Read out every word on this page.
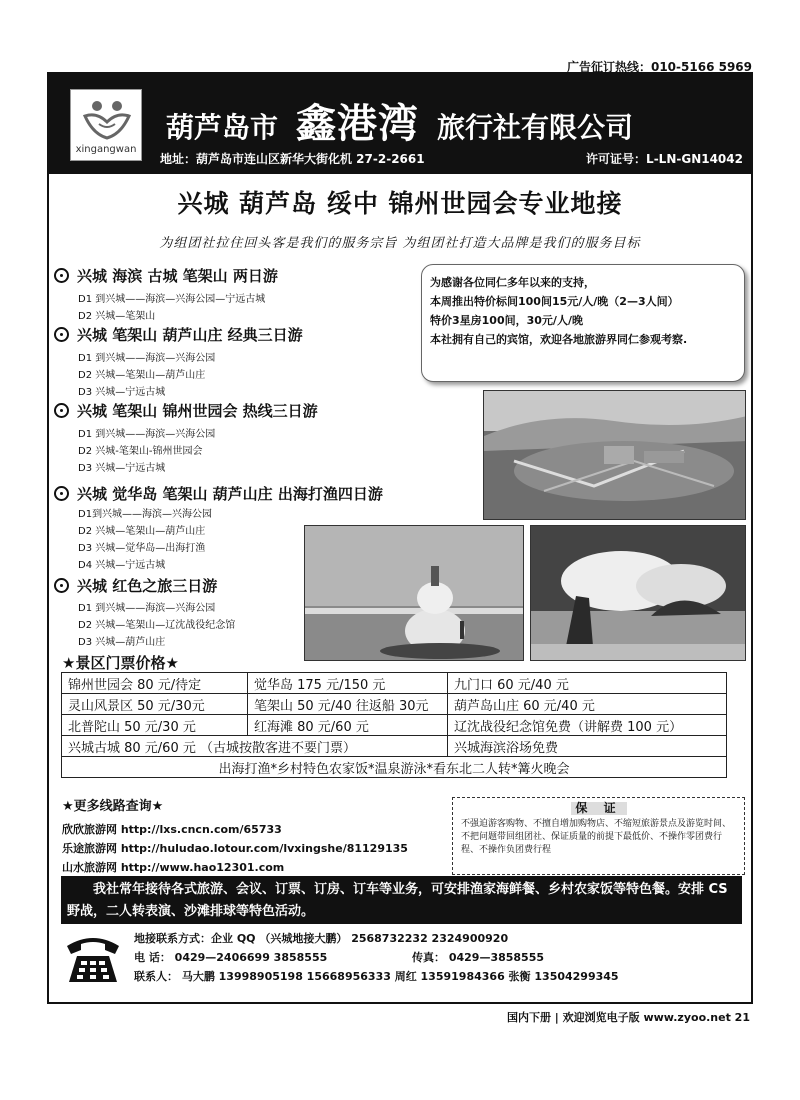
广告征订热线：010-5166 5969
xingangwan
葫芦岛市 鑫港湾 旅行社有限公司
地址：葫芦岛市连山区新华大街化机 27-2-2661	许可证号：L-LN-GN14042
兴城 葫芦岛 绥中 锦州世园会专业地接
为组团社拉住回头客是我们的服务宗旨 为组团社打造大品牌是我们的服务目标
兴城 海滨 古城 笔架山 两日游
D1 到兴城——海滨—兴海公园—宁远古城
D2 兴城—笔架山
兴城 笔架山 葫芦山庄 经典三日游
D1 到兴城——海滨—兴海公园
D2 兴城—笔架山—葫芦山庄
D3 兴城—宁远古城
兴城 笔架山 锦州世园会 热线三日游
D1 到兴城——海滨—兴海公园
D2 兴城-笔架山-锦州世园会
D3 兴城—宁远古城
兴城 觉华岛 笔架山 葫芦山庄 出海打渔四日游
D1到兴城——海滨—兴海公园
D2 兴城—笔架山—葫芦山庄
D3 兴城—觉华岛—出海打渔
D4 兴城—宁远古城
兴城 红色之旅三日游
D1 到兴城——海滨—兴海公园
D2 兴城—笔架山—辽沈战役纪念馆
D3 兴城—葫芦山庄
为感谢各位同仁多年以来的支持，
本周推出特价标间100间15元/人/晚（2—3人间）
特价3星房100间，30元/人/晚
本社拥有自己的宾馆，欢迎各地旅游界同仁参观考察.
★景区门票价格★
锦州世园会 80 元/待定	觉华岛 175 元/150 元	九门口 60 元/40 元
灵山风景区 50 元/30元	笔架山 50 元/40 往返船 30元	葫芦岛山庄 60 元/40 元
北普陀山 50 元/30 元	红海滩 80 元/60 元	辽沈战役纪念馆免费（讲解费 100 元）
兴城古城 80 元/60 元 （古城按散客进不要门票）		兴城海滨浴场免费
出海打渔*乡村特色农家饭*温泉游泳*看东北二人转*篝火晚会		
★更多线路查询★
欣欣旅游网 http://lxs.cncn.com/65733
乐途旅游网 http://huludao.lotour.com/lvxingshe/81129135
山水旅游网 http://www.hao12301.com
保 证
不强迫游客购物、不擅自增加购物店、不缩短旅游景点及游览时间、不把问题带回组团社、保证质量的前提下最低价、不操作零团费行程、不操作负团费行程
我社常年接待各式旅游、会议、订票、订房、订车等业务，可安排渔家海鲜餐、乡村农家饭等特色餐。安排 CS 野战，二人转表演、沙滩排球等特色活动。
地接联系方式：企业 QQ （兴城地接大鹏） 2568732232 2324900920
电 话： 0429—2406699 3858555	传真： 0429—3858555
联系人： 马大鹏 13998905198 15668956333 周红 13591984366 张衡 13504299345
国内下册 | 欢迎浏览电子版 www.zyoo.net 21
